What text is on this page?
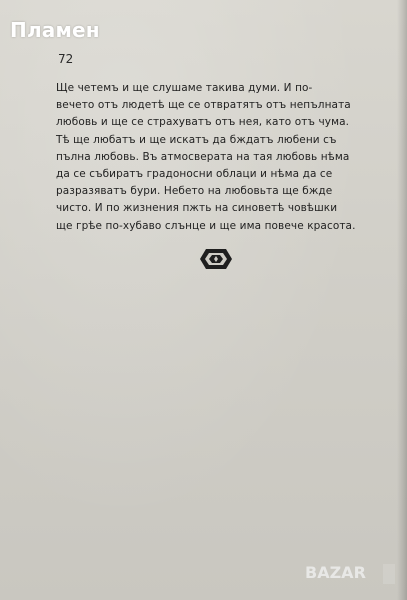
Пламен
72
Ще четемъ и ще слушаме такива думи. И по-
вечето отъ людетѣ ще се отвратятъ отъ непълната
любовь и ще се страхуватъ отъ нея, като отъ чума.
Тѣ ще любатъ и ще искатъ да бждатъ любени съ
пълна любовь. Въ атмосверата на тая любовь нѣма
да се събиратъ градоносни облаци и нѣма да се
разразяватъ бури. Небето на любовьта ще бжде
чисто. И по жизнения пжть на синоветѣ човѣшки
ще грѣе по-хубаво слънце и ще има повече красота.
BAZAR
